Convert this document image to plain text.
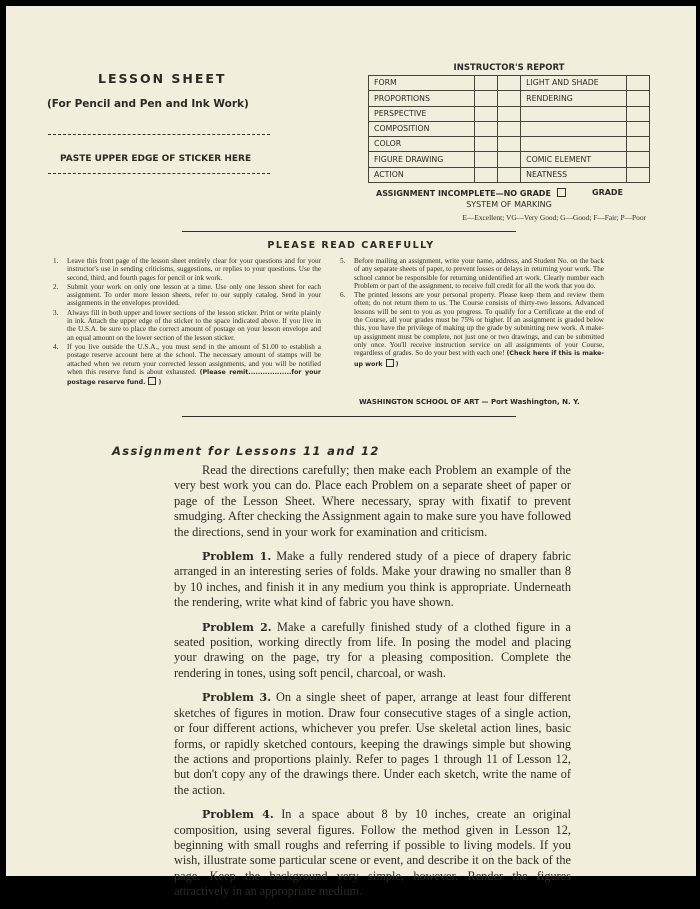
LESSON SHEET
(For Pencil and Pen and Ink Work)
PASTE UPPER EDGE OF STICKER HERE
INSTRUCTOR'S REPORT
FORM			LIGHT AND SHADE	
PROPORTIONS			RENDERING	
PERSPECTIVE				
COMPOSITION				
COLOR				
FIGURE DRAWING			COMIC ELEMENT	
ACTION			NEATNESS	
ASSIGNMENT INCOMPLETE—NO GRADE	GRADE
SYSTEM OF MARKING
E—Excellent; VG—Very Good; G—Good; F—Fair; P—Poor
PLEASE READ CAREFULLY
1. Leave this front page of the lesson sheet entirely clear for your questions and for your instructor's use in sending criticisms, suggestions, or replies to your questions. Use the second, third, and fourth pages for pencil or ink work.
2. Submit your work on only one lesson at a time. Use only one lesson sheet for each assignment. To order more lesson sheets, refer to our supply catalog. Send in your assignments in the envelopes provided.
3. Always fill in both upper and lower sections of the lesson sticker. Print or write plainly in ink. Attach the upper edge of the sticker to the space indicated above. If you live in the U.S.A. be sure to place the correct amount of postage on your lesson envelope and an equal amount on the lower section of the lesson sticker.
4. If you live outside the U.S.A., you must send in the amount of $1.00 to establish a postage reserve account here at the school. The necessary amount of stamps will be attached when we return your corrected lesson assignments, and you will be notified when this reserve fund is about exhausted. (Please remit..................for your postage reserve fund. )
5. Before mailing an assignment, write your name, address, and Student No. on the back of any separate sheets of paper, to prevent losses or delays in returning your work. The school cannot be responsible for returning unidentified art work. Clearly number each Problem or part of the assignment, to receive full credit for all the work that you do.
6. The printed lessons are your personal property. Please keep them and review them often; do not return them to us. The Course consists of thirty-two lessons. Advanced lessons will be sent to you as you progress. To qualify for a Certificate at the end of the Course, all your grades must be 75% or higher. If an assignment is graded below this, you have the privilege of making up the grade by submitting new work. A make-up assignment must be complete, not just one or two drawings, and can be submitted only once. You'll receive instruction service on all assignments of your Course, regardless of grades. So do your best with each one! (Check here if this is make-up work )
WASHINGTON SCHOOL OF ART — Port Washington, N. Y.
Assignment for Lessons 11 and 12

Read the directions carefully; then make each Problem an example of the very best work you can do. Place each Problem on a separate sheet of paper or page of the Lesson Sheet. Where necessary, spray with fixatif to prevent smudging. After checking the Assignment again to make sure you have followed the directions, send in your work for examination and criticism.

Problem 1. Make a fully rendered study of a piece of drapery fabric arranged in an interesting series of folds. Make your drawing no smaller than 8 by 10 inches, and finish it in any medium you think is appropriate. Underneath the rendering, write what kind of fabric you have shown.

Problem 2. Make a carefully finished study of a clothed figure in a seated position, working directly from life. In posing the model and placing your drawing on the page, try for a pleasing composition. Complete the rendering in tones, using soft pencil, charcoal, or wash.

Problem 3. On a single sheet of paper, arrange at least four different sketches of figures in motion. Draw four consecutive stages of a single action, or four different actions, whichever you prefer. Use skeletal action lines, basic forms, or rapidly sketched contours, keeping the drawings simple but showing the actions and proportions plainly. Refer to pages 1 through 11 of Lesson 12, but don't copy any of the drawings there. Under each sketch, write the name of the action.

Problem 4. In a space about 8 by 10 inches, create an original composition, using several figures. Follow the method given in Lesson 12, beginning with small roughs and referring if possible to living models. If you wish, illustrate some particular scene or event, and describe it on the back of the page. Keep the background very simple, however. Render the figures attractively in an appropriate medium.
